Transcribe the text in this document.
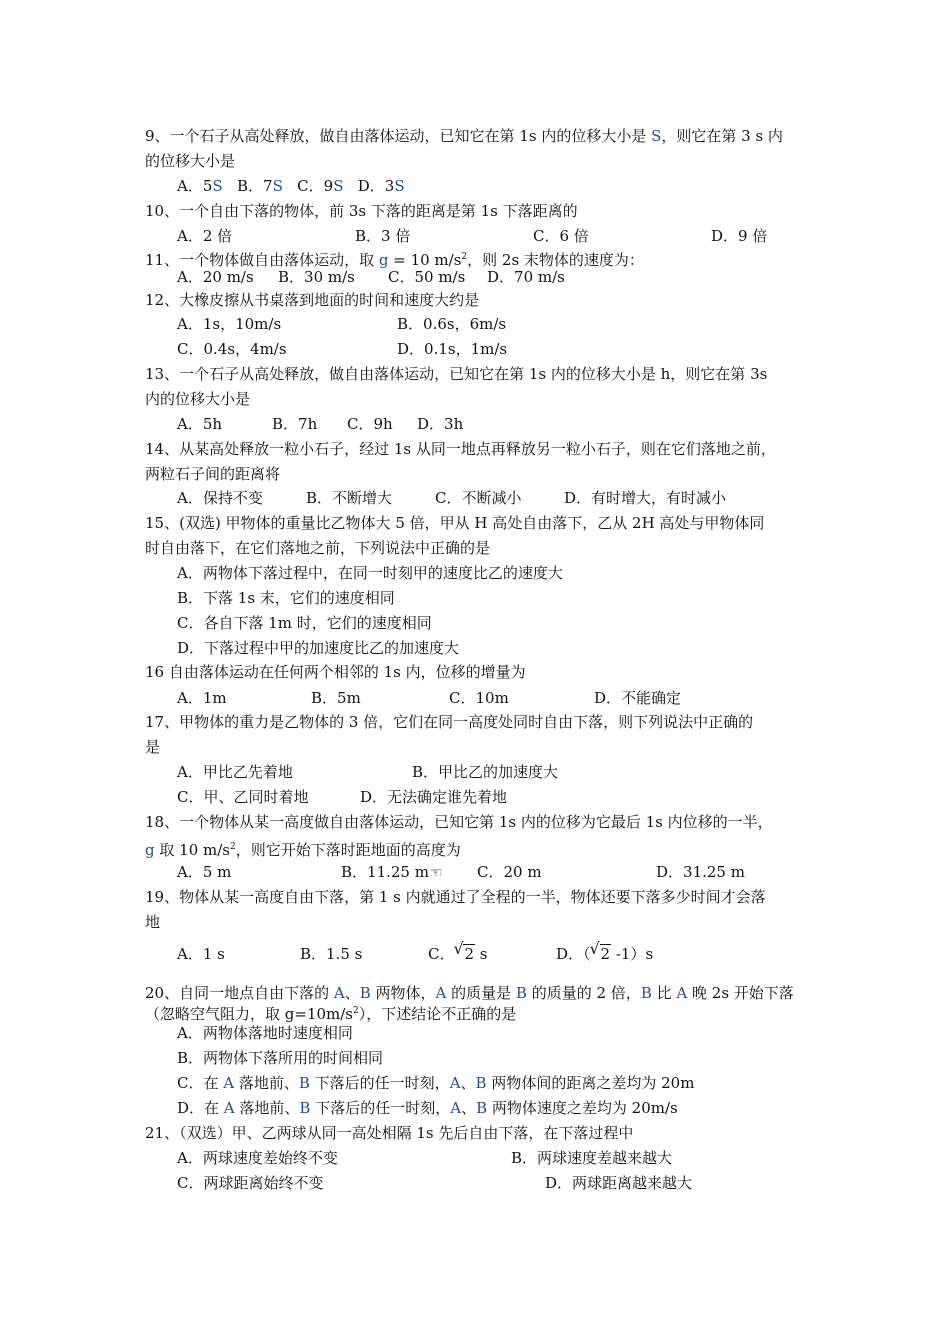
9、一个石子从高处释放，做自由落体运动，已知它在第 1s 内的位移大小是 S，则它在第 3 s 内
的位移大小是
A．5S B．7S C．9S D．3S
10、一个自由下落的物体，前 3s 下落的距离是第 1s 下落距离的
A．2 倍	B．3 倍	C．6 倍	D．9 倍
11、一个物体做自由落体运动，取 g = 10 $m/s^2$，则 2s 末物体的速度为：
A．20 m/s B．30 m/s C．50 m/s D．70 m/s
12、大橡皮擦从书桌落到地面的时间和速度大约是
A．1s，10m/s	B．0.6s，6m/s
C．0.4s，4m/s	D．0.1s，1m/s
13、一个石子从高处释放，做自由落体运动，已知它在第 1s 内的位移大小是 h，则它在第 3s
内的位移大小是
A．5h	B．7h C．9h D．3h
14、从某高处释放一粒小石子，经过 1s 从同一地点再释放另一粒小石子，则在它们落地之前，
两粒石子间的距离将
A．保持不变	B．不断增大	C．不断减小	D．有时增大，有时减小
15、(双选) 甲物体的重量比乙物体大 5 倍，甲从 H 高处自由落下，乙从 2H 高处与甲物体同
时自由落下，在它们落地之前，下列说法中正确的是
A．两物体下落过程中，在同一时刻甲的速度比乙的速度大
B．下落 1s 末，它们的速度相同
C．各自下落 1m 时，它们的速度相同
D．下落过程中甲的加速度比乙的加速度大
16 自由落体运动在任何两个相邻的 1s 内，位移的增量为
A．1m	B．5m	C．10m	D．不能确定
17、甲物体的重力是乙物体的 3 倍，它们在同一高度处同时自由下落，则下列说法中正确的
是
A．甲比乙先着地	B．甲比乙的加速度大
C．甲、乙同时着地	D．无法确定谁先着地
18、一个物体从某一高度做自由落体运动，已知它第 1s 内的位移为它最后 1s 内位移的一半，
g 取 10 $m/s^2$，则它开始下落时距地面的高度为
A．5 m	B．11.25 m☜ C．20 m	D．31.25 m
19、物体从某一高度自由下落，第 1 s 内就通过了全程的一半，物体还要下落多少时间才会落
地
A．1 s	B．1.5 s	C． √ 2 s	D．（ √ 2 -1）s
20、自同一地点自由下落的 A、B 两物体，A 的质量是 B 的质量的 2 倍，B 比 A 晚 2s 开始下落
（忽略空气阻力，取 $g=10m/s^2$），下述结论不正确的是
A．两物体落地时速度相同
B．两物体下落所用的时间相同
C．在 A 落地前、B 下落后的任一时刻，A、B 两物体间的距离之差均为 20m
D．在 A 落地前、B 下落后的任一时刻，A、B 两物体速度之差均为 20m/s
21、（双选）甲、乙两球从同一高处相隔 1s 先后自由下落，在下落过程中
A．两球速度差始终不变	B．两球速度差越来越大
C．两球距离始终不变	D．两球距离越来越大
